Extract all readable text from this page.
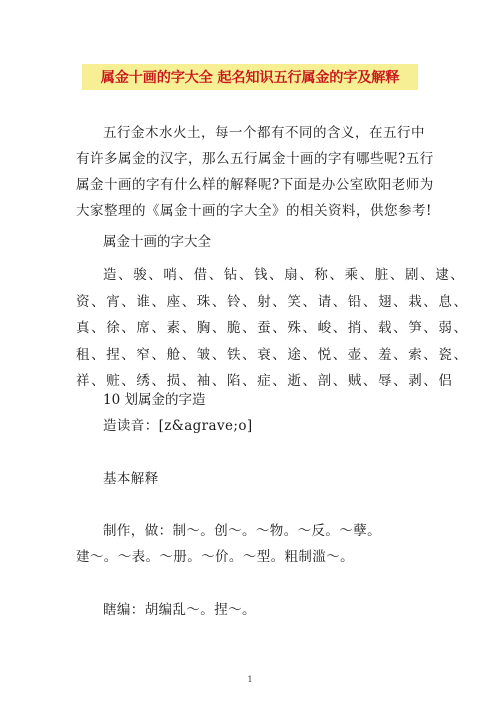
属金十画的字大全 起名知识五行属金的字及解释
五行金木水火土，每一个都有不同的含义，在五行中
有许多属金的汉字，那么五行属金十画的字有哪些呢?五行
属金十画的字有什么样的解释呢?下面是办公室欧阳老师为
大家整理的《属金十画的字大全》的相关资料，供您参考!
属金十画的字大全
造、骏、哨、借、钻、钱、扇、称、乘、脏、剧、逮、
资、宵、谁、座、珠、铃、射、笑、请、铅、翅、栽、息、
真、徐、席、素、胸、脆、蚕、殊、峻、捎、载、笋、弱、
租、捏、窄、舱、皱、铁、衰、途、悦、壶、羞、索、瓷、
祥、赃、绣、损、袖、陷、症、逝、剖、贼、辱、剥、侣
10 划属金的字造
造读音：[z&agrave;o]
基本解释
制作，做：制～。创～。～物。～反。～孽。
建～。～表。～册。～价。～型。粗制滥～。
瞎编：胡编乱～。捏～。
1
